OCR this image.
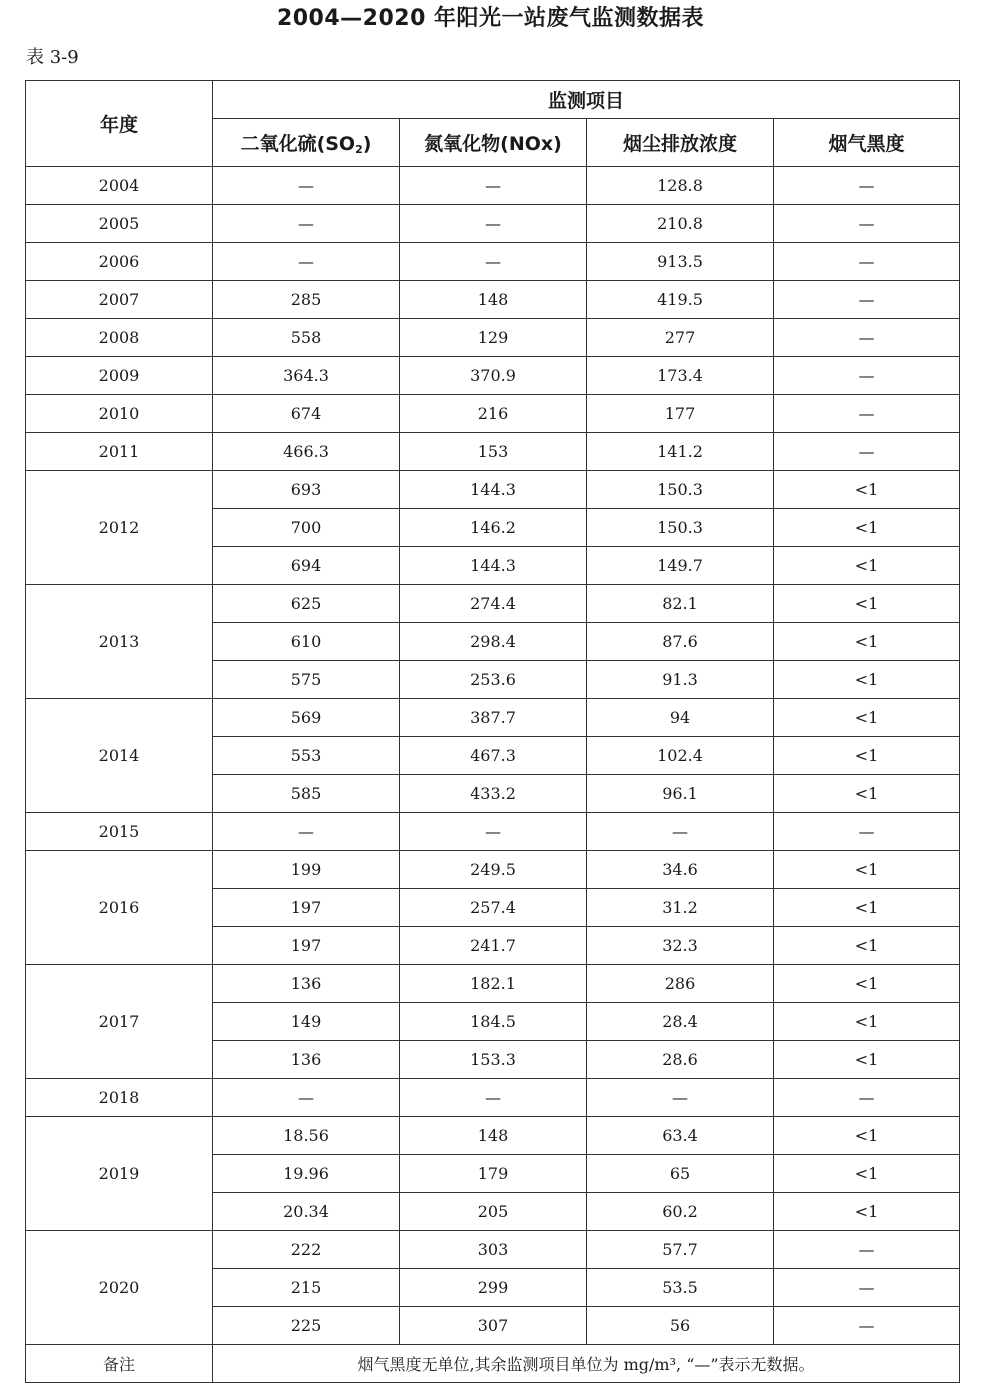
2004—2020 年阳光一站废气监测数据表
表 3-9
年度	监测项目			
	二氧化硫$(SO_2)$	氮氧化物(NOx)	烟尘排放浓度	烟气黑度
2004	—	—	128.8	—
2005	—	—	210.8	—
2006	—	—	913.5	—
2007	285	148	419.5	—
2008	558	129	277	—
2009	364.3	370.9	173.4	—
2010	674	216	177	—
2011	466.3	153	141.2	—
2012	693	144.3	150.3	<1
	700	146.2	150.3	<1
	694	144.3	149.7	<1
2013	625	274.4	82.1	<1
	610	298.4	87.6	<1
	575	253.6	91.3	<1
2014	569	387.7	94	<1
	553	467.3	102.4	<1
	585	433.2	96.1	<1
2015	—	—	—	—
2016	199	249.5	34.6	<1
	197	257.4	31.2	<1
	197	241.7	32.3	<1
2017	136	182.1	286	<1
	149	184.5	28.4	<1
	136	153.3	28.6	<1
2018	—	—	—	—
2019	18.56	148	63.4	<1
	19.96	179	65	<1
	20.34	205	60.2	<1
2020	222	303	57.7	—
	215	299	53.5	—
	225	307	56	—
备注	烟气黑度无单位,其余监测项目单位为 mg/m³, “—”表示无数据。			
